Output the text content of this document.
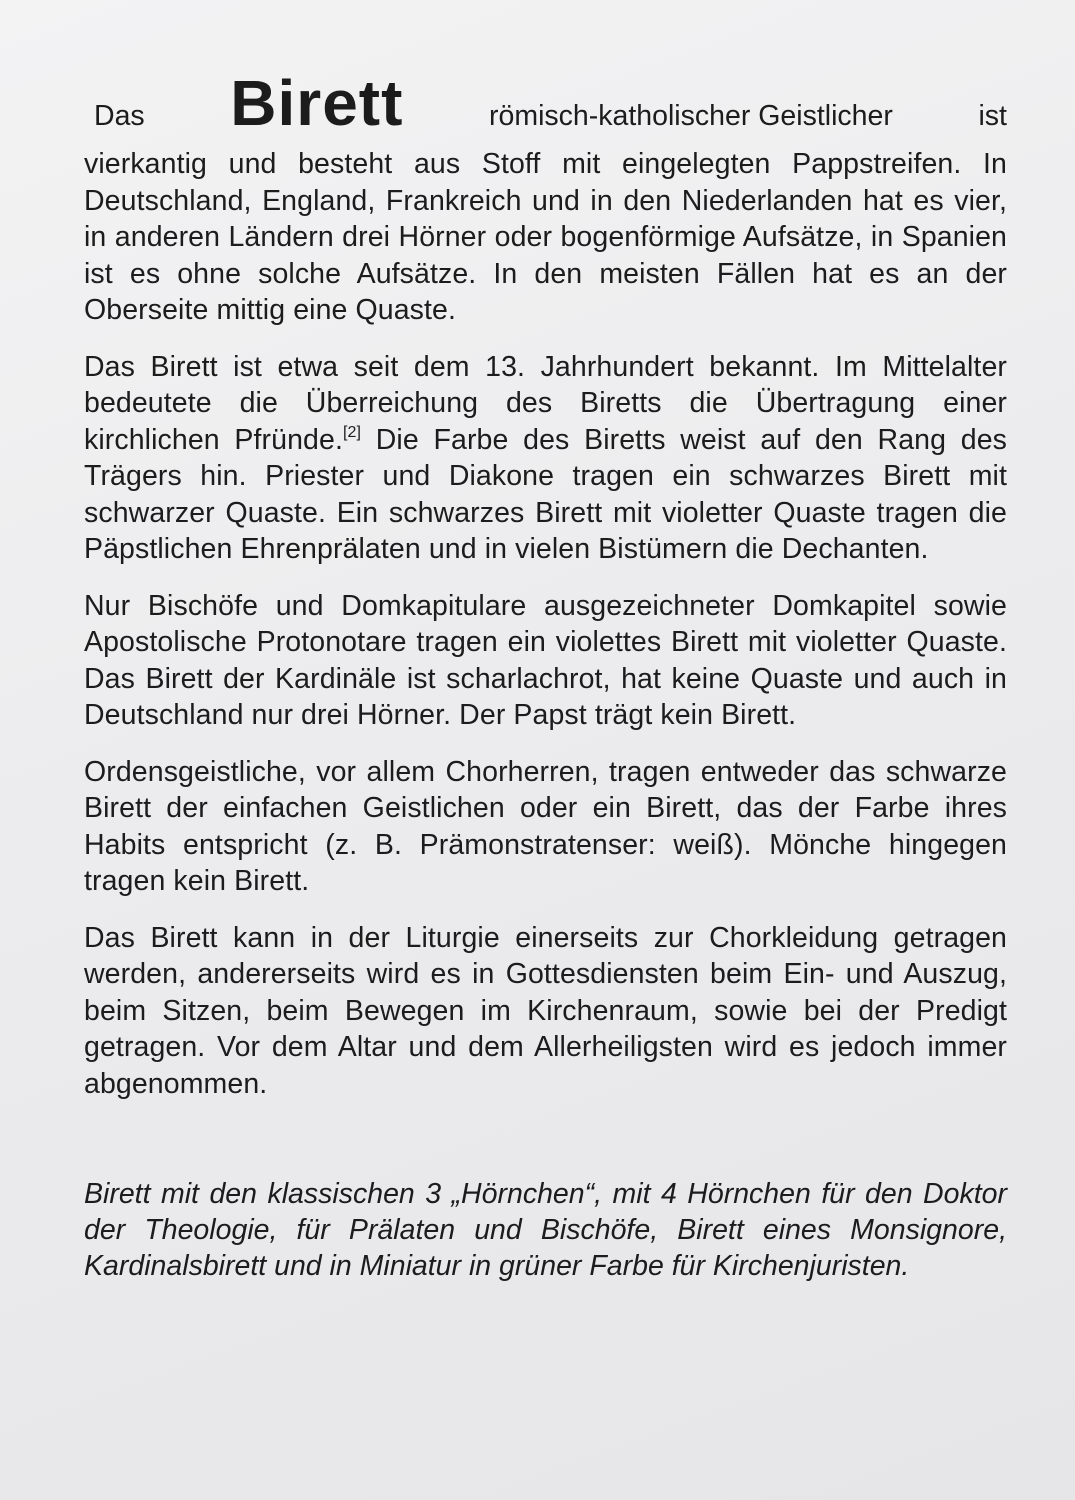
Das Birett	römisch-katholischer Geistlicher	ist

vierkantig und besteht aus Stoff mit eingelegten Pappstreifen. In Deutschland, England, Frankreich und in den Niederlanden hat es vier, in anderen Ländern drei Hörner oder bogenförmige Aufsätze, in Spanien ist es ohne solche Aufsätze. In den meisten Fällen hat es an der Oberseite mittig eine Quaste.

Das Birett ist etwa seit dem 13. Jahrhundert bekannt. Im Mittelalter bedeutete die Überreichung des Biretts die Übertragung einer kirchlichen Pfründe.[2] Die Farbe des Biretts weist auf den Rang des Trägers hin. Priester und Diakone tragen ein schwarzes Birett mit schwarzer Quaste. Ein schwarzes Birett mit violetter Quaste tragen die Päpstlichen Ehrenprälaten und in vielen Bistümern die Dechanten.

Nur Bischöfe und Domkapitulare ausgezeichneter Domkapitel sowie Apostolische Protonotare tragen ein violettes Birett mit violetter Quaste. Das Birett der Kardinäle ist scharlachrot, hat keine Quaste und auch in Deutschland nur drei Hörner. Der Papst trägt kein Birett.

Ordensgeistliche, vor allem Chorherren, tragen entweder das schwarze Birett der einfachen Geistlichen oder ein Birett, das der Farbe ihres Habits entspricht (z. B. Prämonstratenser: weiß). Mönche hingegen tragen kein Birett.

Das Birett kann in der Liturgie einerseits zur Chorkleidung getragen werden, andererseits wird es in Gottesdiensten beim Ein- und Auszug, beim Sitzen, beim Bewegen im Kirchenraum, sowie bei der Predigt getragen. Vor dem Altar und dem Allerheiligsten wird es jedoch immer abgenommen.

Birett mit den klassischen 3 „Hörnchen“, mit 4 Hörnchen für den Doktor der Theologie, für Prälaten und Bischöfe, Birett eines Monsignore, Kardinalsbirett und in Miniatur in grüner Farbe für Kirchenjuristen.
